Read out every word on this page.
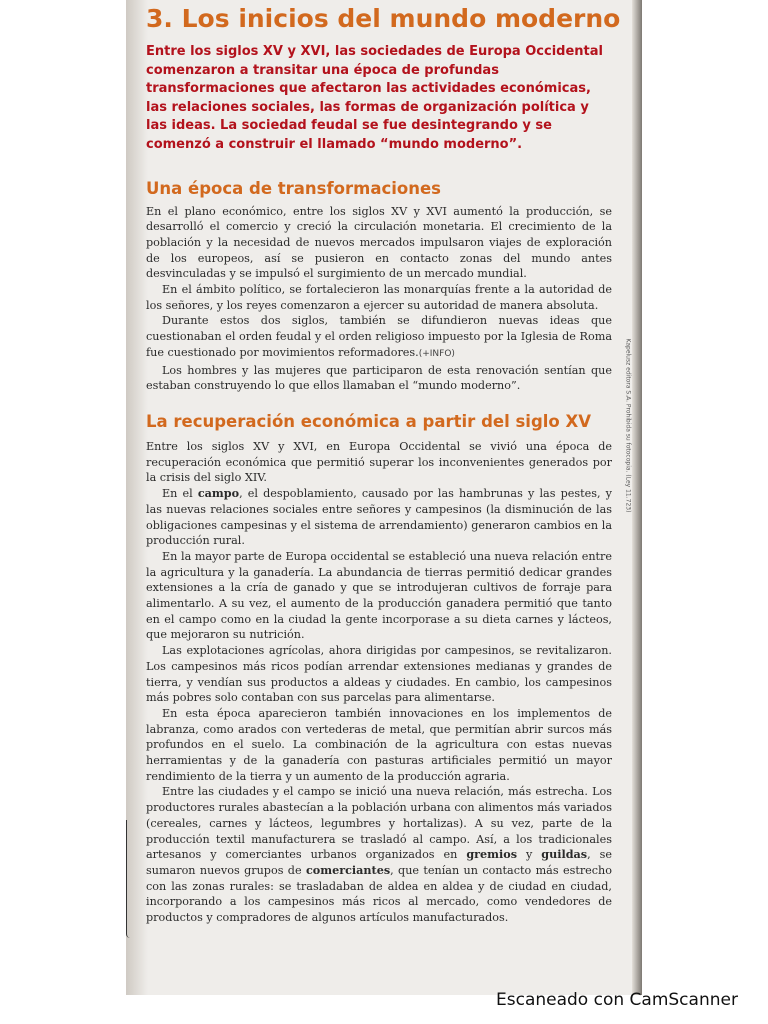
3. Los inicios del mundo moderno

Entre los siglos XV y XVI, las sociedades de Europa Occidental comenzaron a transitar una época de profundas transformaciones que afectaron las actividades económicas, las relaciones sociales, las formas de organización política y las ideas. La sociedad feudal se fue desintegrando y se comenzó a construir el llamado “mundo moderno”.

Una época de transformaciones

En el plano económico, entre los siglos XV y XVI aumentó la producción, se desarrolló el comercio y creció la circulación monetaria. El crecimiento de la población y la necesidad de nuevos mercados impulsaron viajes de exploración de los europeos, así se pusieron en contacto zonas del mundo antes desvinculadas y se impulsó el surgimiento de un mercado mundial.

En el ámbito político, se fortalecieron las monarquías frente a la autoridad de los señores, y los reyes comenzaron a ejercer su autoridad de manera absoluta.

Durante estos dos siglos, también se difundieron nuevas ideas que cuestionaban el orden feudal y el orden religioso impuesto por la Iglesia de Roma fue cuestionado por movimientos reformadores.(+INFO)

Los hombres y las mujeres que participaron de esta renovación sentían que estaban construyendo lo que ellos llamaban el “mundo moderno”.

La recuperación económica a partir del siglo XV

Entre los siglos XV y XVI, en Europa Occidental se vivió una época de recuperación económica que permitió superar los inconvenientes generados por la crisis del siglo XIV.

En el campo, el despoblamiento, causado por las hambrunas y las pestes, y las nuevas relaciones sociales entre señores y campesinos (la disminución de las obligaciones campesinas y el sistema de arrendamiento) generaron cambios en la producción rural.

En la mayor parte de Europa occidental se estableció una nueva relación entre la agricultura y la ganadería. La abundancia de tierras permitió dedicar grandes extensiones a la cría de ganado y que se introdujeran cultivos de forraje para alimentarlo. A su vez, el aumento de la producción ganadera permitió que tanto en el campo como en la ciudad la gente incorporase a su dieta carnes y lácteos, que mejoraron su nutrición.

Las explotaciones agrícolas, ahora dirigidas por campesinos, se revitalizaron. Los campesinos más ricos podían arrendar extensiones medianas y grandes de tierra, y vendían sus productos a aldeas y ciudades. En cambio, los campesinos más pobres solo contaban con sus parcelas para alimentarse.

En esta época aparecieron también innovaciones en los implementos de labranza, como arados con vertederas de metal, que permitían abrir surcos más profundos en el suelo. La combinación de la agricultura con estas nuevas herramientas y de la ganadería con pasturas artificiales permitió un mayor rendimiento de la tierra y un aumento de la producción agraria.

Entre las ciudades y el campo se inició una nueva relación, más estrecha. Los productores rurales abastecían a la población urbana con alimentos más variados (cereales, carnes y lácteos, legumbres y hortalizas). A su vez, parte de la producción textil manufacturera se trasladó al campo. Así, a los tradicionales artesanos y comerciantes urbanos organizados en gremios y guildas, se sumaron nuevos grupos de comerciantes, que tenían un contacto más estrecho con las zonas rurales: se trasladaban de aldea en aldea y de ciudad en ciudad, incorporando a los campesinos más ricos al mercado, como vendedores de productos y compradores de algunos artículos manufacturados.

Kapelusz editora S.A. Prohibida su fotocopia. (Ley 11.723)
Escaneado con CamScanner
